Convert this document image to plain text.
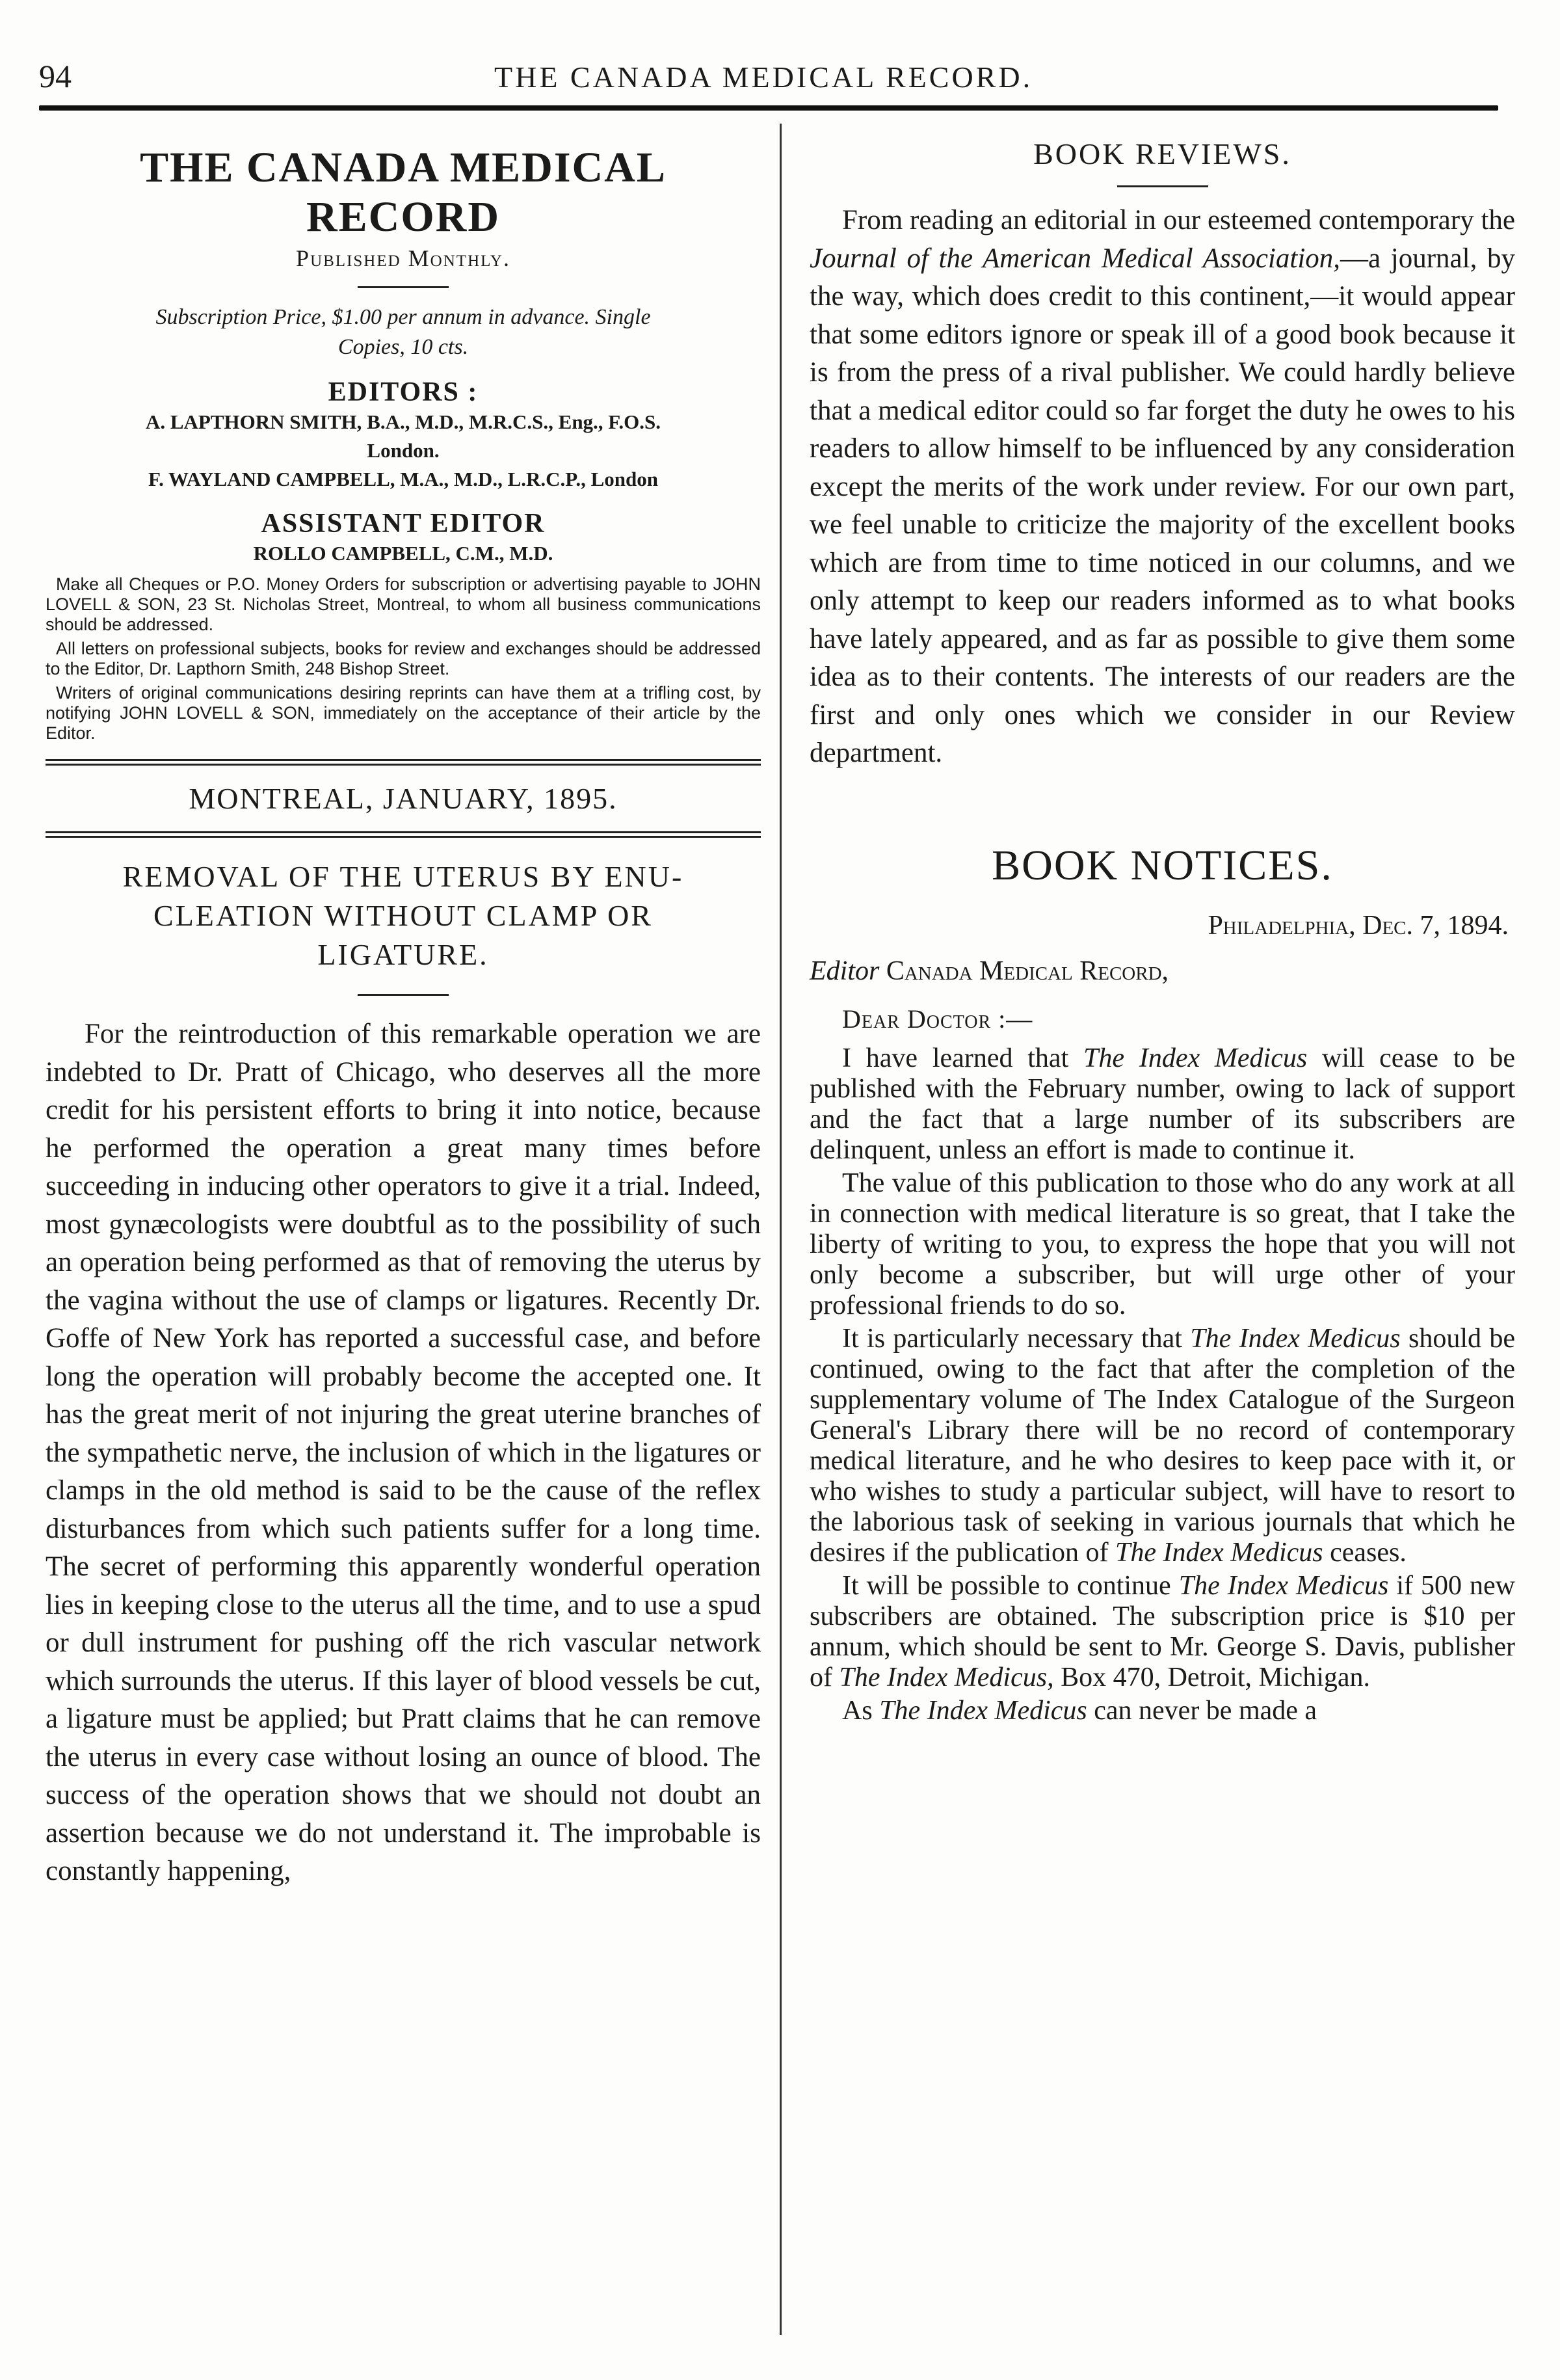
94	THE CANADA MEDICAL RECORD.
THE CANADA MEDICAL RECORD
Published Monthly.
Subscription Price, $1.00 per annum in advance. Single
Copies, 10 cts.
EDITORS :
A. LAPTHORN SMITH, B.A., M.D., M.R.C.S., Eng., F.O.S.
London.
F. WAYLAND CAMPBELL, M.A., M.D., L.R.C.P., London
ASSISTANT EDITOR
ROLLO CAMPBELL, C.M., M.D.

Make all Cheques or P.O. Money Orders for subscription or advertising payable to JOHN LOVELL & SON, 23 St. Nicholas Street, Montreal, to whom all business communications should be addressed.

All letters on professional subjects, books for review and exchanges should be addressed to the Editor, Dr. Lapthorn Smith, 248 Bishop Street.

Writers of original communications desiring reprints can have them at a trifling cost, by notifying JOHN LOVELL & SON, immediately on the acceptance of their article by the Editor.

MONTREAL, JANUARY, 1895.
REMOVAL OF THE UTERUS BY ENU-
CLEATION WITHOUT CLAMP OR
LIGATURE.

For the reintroduction of this remarkable operation we are indebted to Dr. Pratt of Chicago, who deserves all the more credit for his persistent efforts to bring it into notice, because he performed the operation a great many times before succeeding in inducing other operators to give it a trial. Indeed, most gynæcologists were doubtful as to the possibility of such an operation being performed as that of removing the uterus by the vagina without the use of clamps or ligatures. Recently Dr. Goffe of New York has reported a successful case, and before long the operation will probably become the accepted one. It has the great merit of not injuring the great uterine branches of the sympathetic nerve, the inclusion of which in the ligatures or clamps in the old method is said to be the cause of the reflex disturbances from which such patients suffer for a long time. The secret of performing this apparently wonderful operation lies in keeping close to the uterus all the time, and to use a spud or dull instrument for pushing off the rich vascular network which surrounds the uterus. If this layer of blood vessels be cut, a ligature must be applied; but Pratt claims that he can remove the uterus in every case without losing an ounce of blood. The success of the operation shows that we should not doubt an assertion because we do not understand it. The improbable is constantly happening,

BOOK REVIEWS.

From reading an editorial in our esteemed contemporary the Journal of the American Medical Association,—a journal, by the way, which does credit to this continent,—it would appear that some editors ignore or speak ill of a good book because it is from the press of a rival publisher. We could hardly believe that a medical editor could so far forget the duty he owes to his readers to allow himself to be influenced by any consideration except the merits of the work under review. For our own part, we feel unable to criticize the majority of the excellent books which are from time to time noticed in our columns, and we only attempt to keep our readers informed as to what books have lately appeared, and as far as possible to give them some idea as to their contents. The interests of our readers are the first and only ones which we consider in our Review department.

BOOK NOTICES.
Philadelphia, Dec. 7, 1894.
Editor Canada Medical Record,
Dear Doctor :—

I have learned that The Index Medicus will cease to be published with the February number, owing to lack of support and the fact that a large number of its subscribers are delinquent, unless an effort is made to continue it.

The value of this publication to those who do any work at all in connection with medical literature is so great, that I take the liberty of writing to you, to express the hope that you will not only become a subscriber, but will urge other of your professional friends to do so.

It is particularly necessary that The Index Medicus should be continued, owing to the fact that after the completion of the supplementary volume of The Index Catalogue of the Surgeon General's Library there will be no record of contemporary medical literature, and he who desires to keep pace with it, or who wishes to study a particular subject, will have to resort to the laborious task of seeking in various journals that which he desires if the publication of The Index Medicus ceases.

It will be possible to continue The Index Medicus if 500 new subscribers are obtained. The subscription price is $10 per annum, which should be sent to Mr. George S. Davis, publisher of The Index Medicus, Box 470, Detroit, Michigan.

As The Index Medicus can never be made a
